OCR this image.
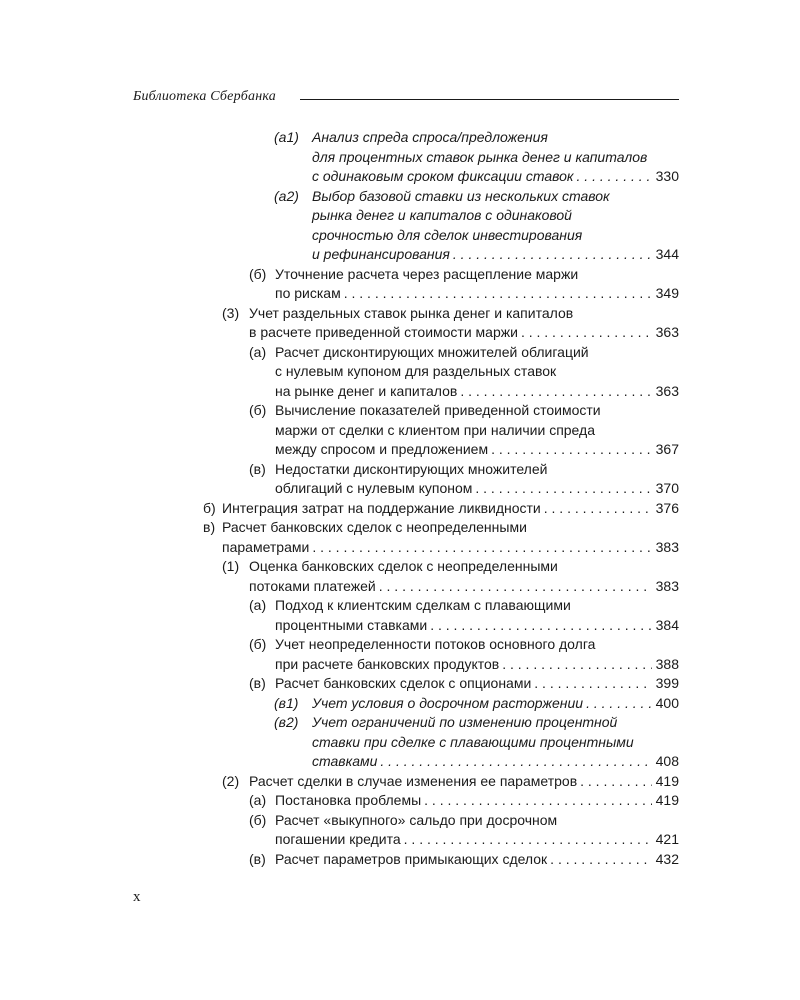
Библиотека Сбербанка
(а1) Анализ спреда спроса/предложения
для процентных ставок рынка денег и капиталов
с одинаковым сроком фиксации ставок . . .	330
(а2) Выбор базовой ставки из нескольких ставок
рынка денег и капиталов с одинаковой
срочностью для сделок инвестирования
и рефинансирования . . .	344
(б) Уточнение расчета через расщепление маржи
по рискам . . .	349
(3) Учет раздельных ставок рынка денег и капиталов
в расчете приведенной стоимости маржи . . .	363
(а) Расчет дисконтирующих множителей облигаций
с нулевым купоном для раздельных ставок
на рынке денег и капиталов . . .	363
(б) Вычисление показателей приведенной стоимости
маржи от сделки с клиентом при наличии спреда
между спросом и предложением . . .	367
(в) Недостатки дисконтирующих множителей
облигаций с нулевым купоном . . .	370
б) Интеграция затрат на поддержание ликвидности . . .	376
в) Расчет банковских сделок с неопределенными
параметрами . . .	383
(1) Оценка банковских сделок с неопределенными
потоками платежей . . .	383
(а) Подход к клиентским сделкам с плавающими
процентными ставками . . .	384
(б) Учет неопределенности потоков основного долга
при расчете банковских продуктов . . .	388
(в) Расчет банковских сделок с опционами . . .	399
(в1) Учет условия о досрочном расторжении . . .	400
(в2) Учет ограничений по изменению процентной
ставки при сделке с плавающими процентными
ставками . . .	408
(2) Расчет сделки в случае изменения ее параметров . . .	419
(а) Постановка проблемы . . .	419
(б) Расчет «выкупного» сальдо при досрочном
погашении кредита . . .	421
(в) Расчет параметров примыкающих сделок . . .	432
x
